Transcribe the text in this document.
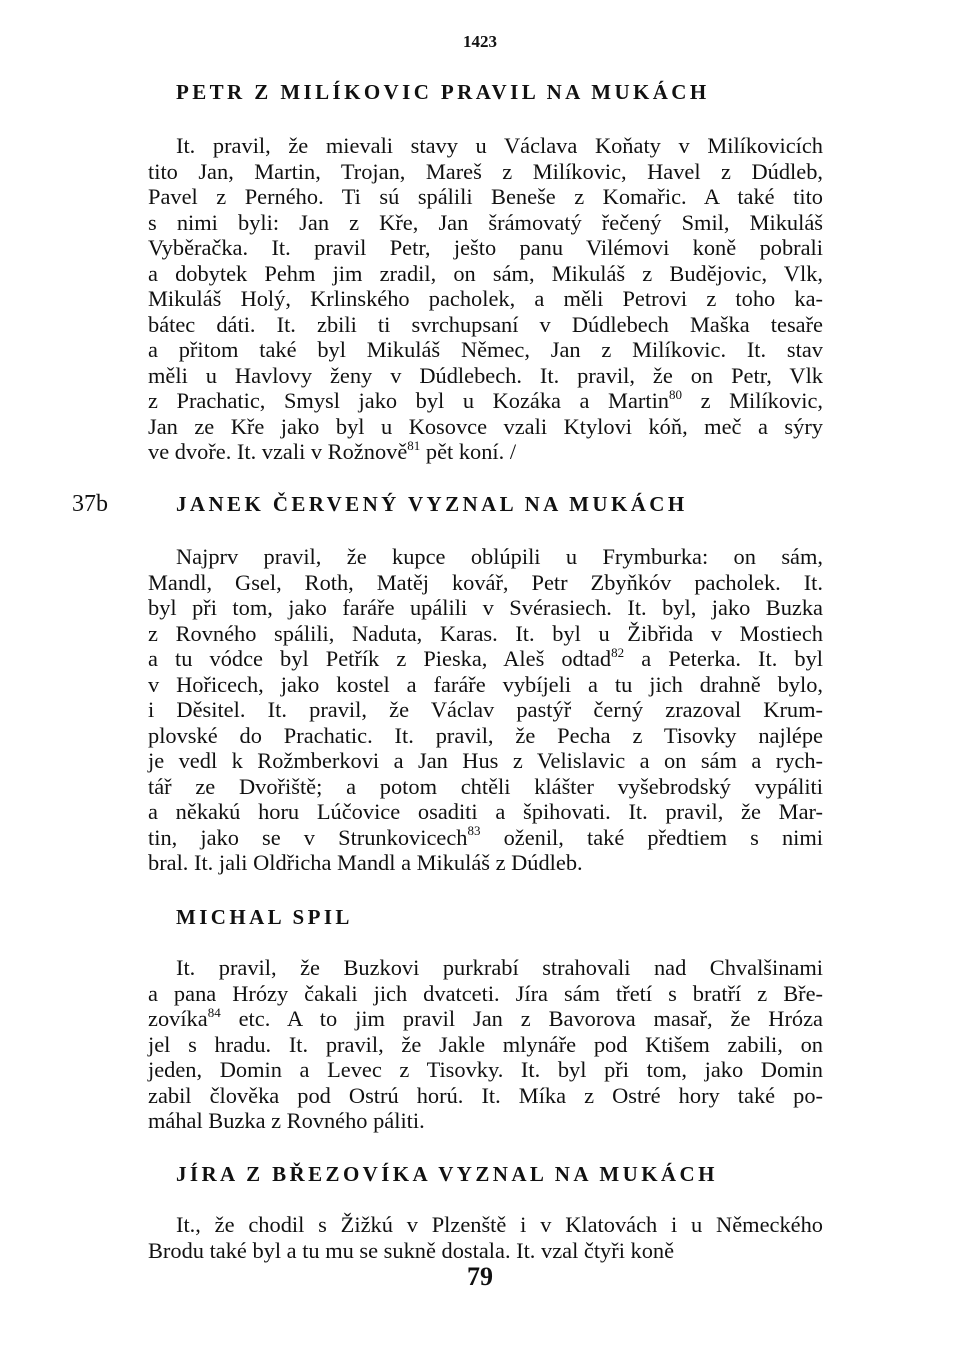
1423
PETR Z MILÍKOVIC PRAVIL NA MUKÁCH
It. pravil, že mievali stavy u Václava Koňaty v Milíkovicích
tito Jan, Martin, Trojan, Mareš z Milíkovic, Havel z Dúdleb,
Pavel z Perného. Ti sú spálili Beneše z Komařic. A také tito
s nimi byli: Jan z Kře, Jan šrámovatý řečený Smil, Mikuláš
Vyběračka. It. pravil Petr, ješto panu Vilémovi koně pobrali
a dobytek Pehm jim zradil, on sám, Mikuláš z Budějovic, Vlk,
Mikuláš Holý, Krlinského pacholek, a měli Petrovi z toho ka-
bátec dáti. It. zbili ti svrchupsaní v Dúdlebech Maška tesaře
a přitom také byl Mikuláš Němec, Jan z Milíkovic. It. stav
měli u Havlovy ženy v Dúdlebech. It. pravil, že on Petr, Vlk
z Prachatic, Smysl jako byl u Kozáka a Martin$^{80}$ z Milíkovic,
Jan ze Kře jako byl u Kosovce vzali Ktylovi kóň, meč a sýry
ve dvoře. It. vzali v Rožnově$^{81}$ pět koní. /
37b	JANEK ČERVENÝ VYZNAL NA MUKÁCH
Najprv pravil, že kupce oblúpili u Frymburka: on sám,
Mandl, Gsel, Roth, Matěj kovář, Petr Zbyňkóv pacholek. It.
byl při tom, jako faráře upálili v Svérasiech. It. byl, jako Buzka
z Rovného spálili, Naduta, Karas. It. byl u Žibřida v Mostiech
a tu vódce byl Petřík z Pieska, Aleš odtad$^{82}$ a Peterka. It. byl
v Hořicech, jako kostel a faráře vybíjeli a tu jich drahně bylo,
i Děsitel. It. pravil, že Václav pastýř černý zrazoval Krum-
plovské do Prachatic. It. pravil, že Pecha z Tisovky najlépe
je vedl k Rožmberkovi a Jan Hus z Velislavic a on sám a rych-
tář ze Dvořiště; a potom chtěli klášter vyšebrodský vypáliti
a někakú horu Lúčovice osaditi a špihovati. It. pravil, že Mar-
tin, jako se v Strunkovicech$^{83}$ oženil, také předtiem s nimi
bral. It. jali Oldřicha Mandl a Mikuláš z Dúdleb.
MICHAL SPIL
It. pravil, že Buzkovi purkrabí strahovali nad Chvalšinami
a pana Hrózy čakali jich dvatceti. Jíra sám třetí s bratří z Bře-
zovíka$^{84}$ etc. A to jim pravil Jan z Bavorova masař, že Hróza
jel s hradu. It. pravil, že Jakle mlynáře pod Ktišem zabili, on
jeden, Domin a Levec z Tisovky. It. byl při tom, jako Domin
zabil člověka pod Ostrú horú. It. Míka z Ostré hory také po-
máhal Buzka z Rovného páliti.
JÍRA Z BŘEZOVÍKA VYZNAL NA MUKÁCH
It., že chodil s Žižkú v Plzenště i v Klatovách i u Německého
Brodu také byl a tu mu se sukně dostala. It. vzal čtyři koně
79
